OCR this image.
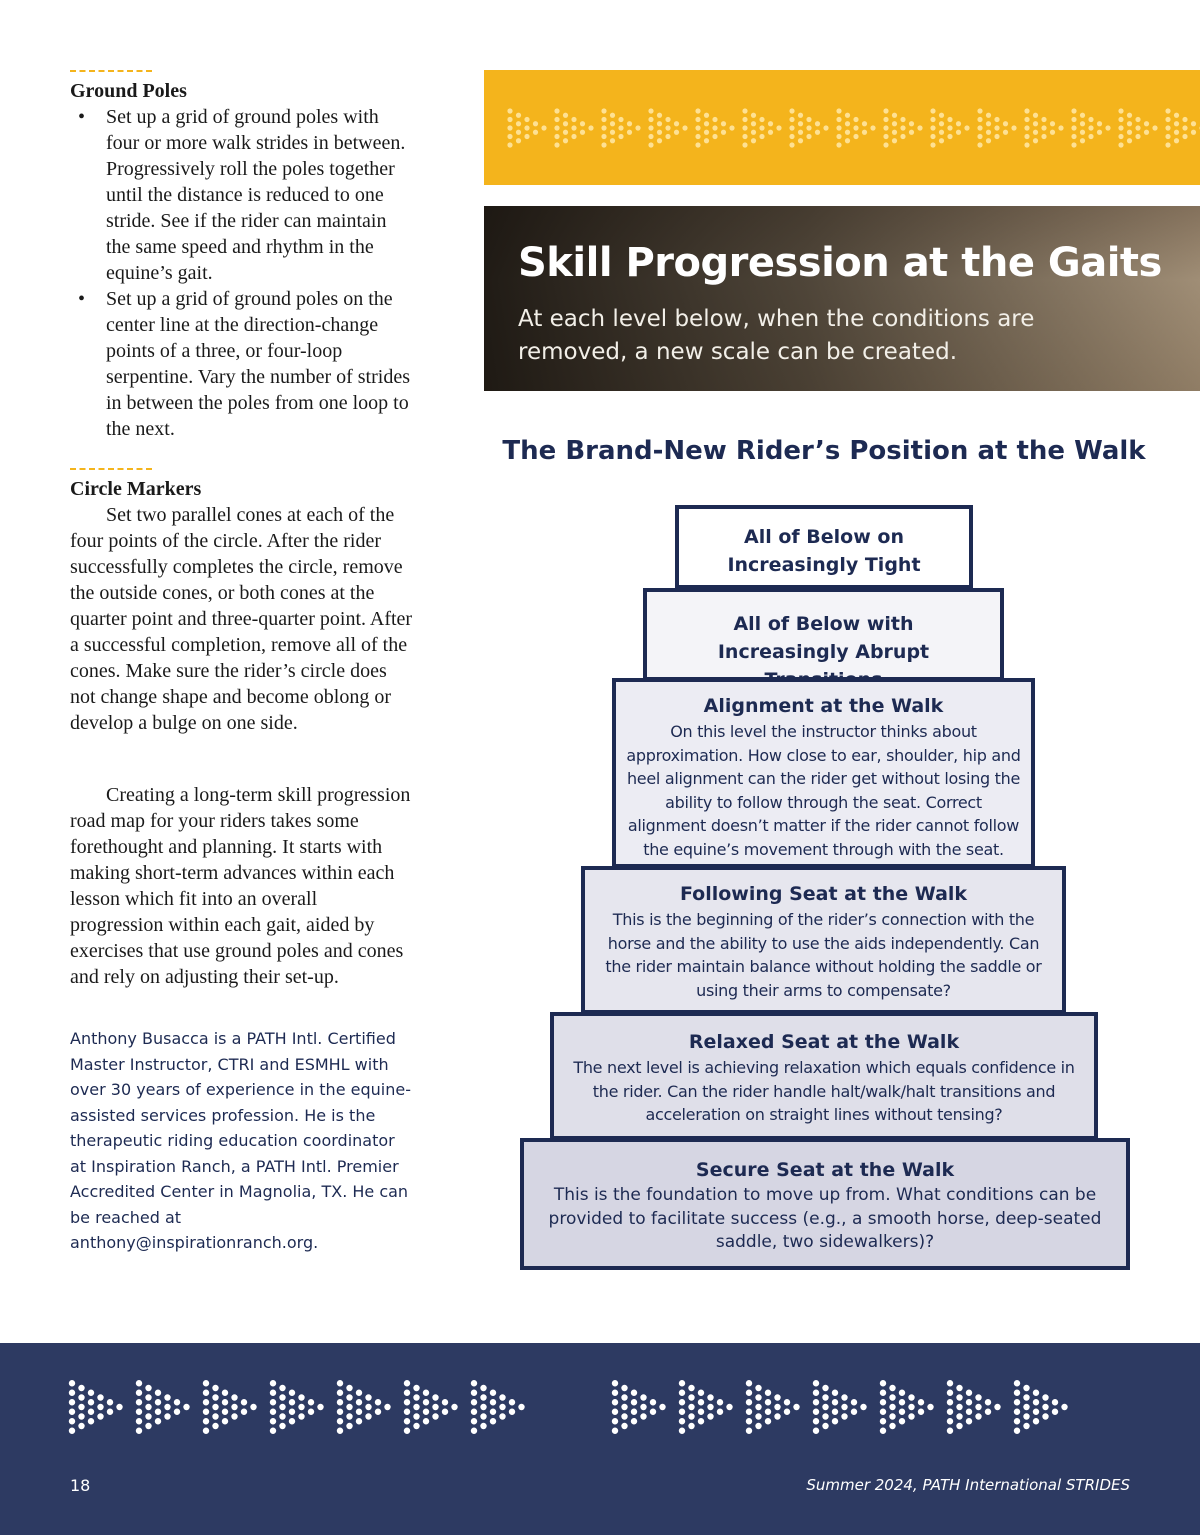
Ground Poles
• Set up a grid of ground poles with four or more walk strides in between. Progressively roll the poles together until the distance is reduced to one stride. See if the rider can maintain the same speed and rhythm in the equine’s gait.
• Set up a grid of ground poles on the center line at the direction-change points of a three, or four-loop serpentine. Vary the number of strides in between the poles from one loop to the next.
Circle Markers

Set two parallel cones at each of the four points of the circle. After the rider successfully completes the circle, remove the outside cones, or both cones at the quarter point and three-quarter point. After a successful completion, remove all of the cones. Make sure the rider’s circle does not change shape and become oblong or develop a bulge on one side.

Creating a long-term skill progression road map for your riders takes some forethought and planning. It starts with making short-term advances within each lesson which fit into an overall progression within each gait, aided by exercises that use ground poles and cones and rely on adjusting their set-up.

Anthony Busacca is a PATH Intl. Certified Master Instructor, CTRI and ESMHL with over 30 years of experience in the equine-assisted services profession. He is the therapeutic riding education coordinator at Inspiration Ranch, a PATH Intl. Premier Accredited Center in Magnolia, TX. He can be reached at anthony@inspirationranch.org.

Skill Progression at the Gaits
At each level below, when the conditions are removed, a new scale can be created.
The Brand-New Rider’s Position at the Walk
All of Below on Increasingly Tight
All of Below with Increasingly Abrupt
Alignment at the Walk
On this level the instructor thinks about approximation. How close to ear, shoulder, hip and heel alignment can the rider get without losing the ability to follow through the seat. Correct alignment doesn’t matter if the rider cannot follow the equine’s movement through with the seat.
Following Seat at the Walk
This is the beginning of the rider’s connection with the horse and the ability to use the aids independently. Can the rider maintain balance without holding the saddle or using their arms to compensate?
Relaxed Seat at the Walk
The next level is achieving relaxation which equals confidence in the rider. Can the rider handle halt/walk/halt transitions and acceleration on straight lines without tensing?
Secure Seat at the Walk
This is the foundation to move up from. What conditions can be provided to facilitate success (e.g., a smooth horse, deep-seated saddle, two sidewalkers)?
18	Summer 2024, PATH International STRIDES
